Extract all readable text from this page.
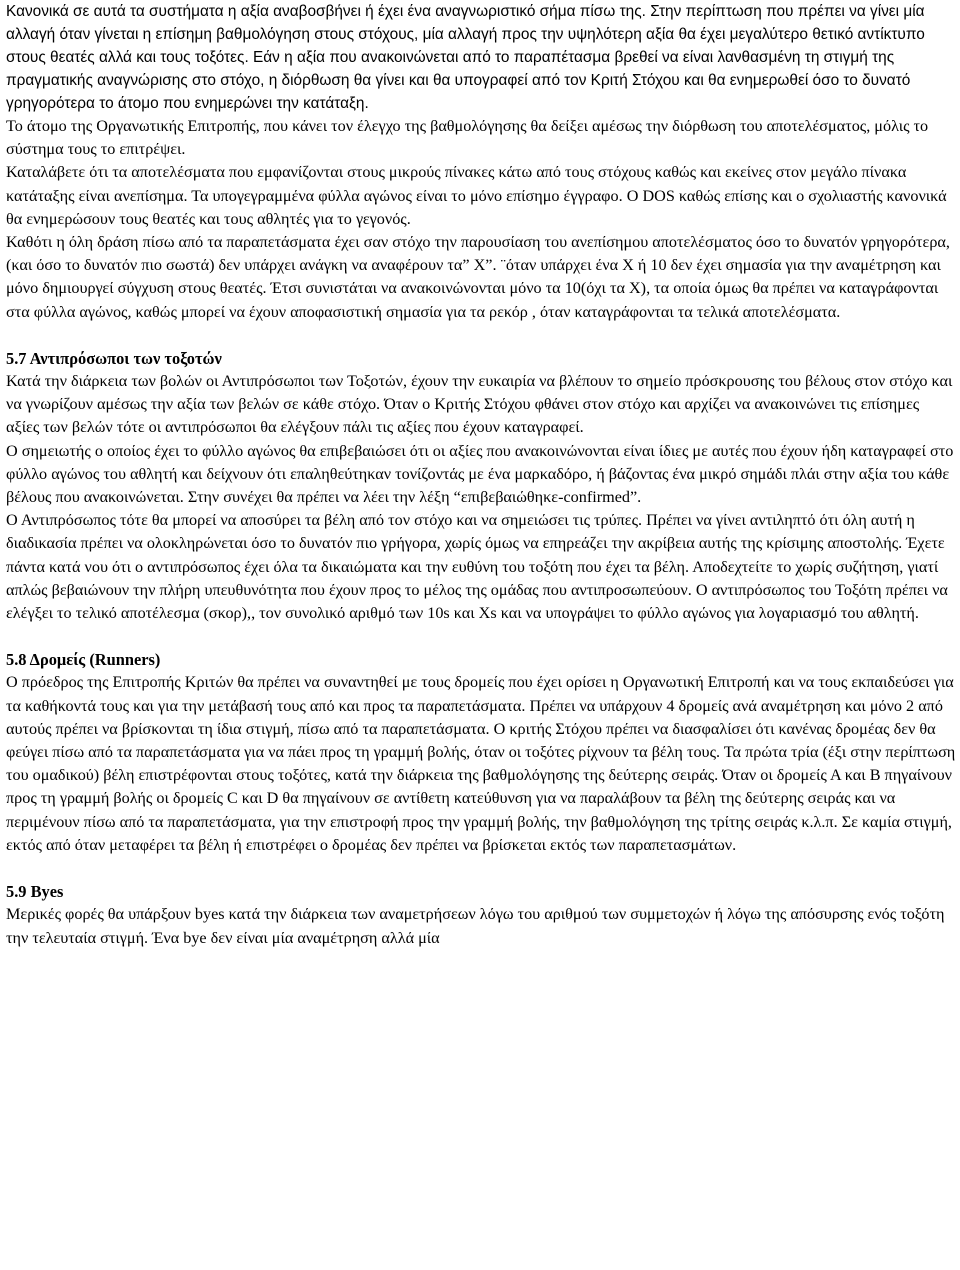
Κανονικά σε αυτά τα συστήματα η αξία αναβοσβήνει ή έχει ένα αναγνωριστικό σήμα πίσω της. Στην περίπτωση που πρέπει να γίνει μία αλλαγή όταν γίνεται η επίσημη βαθμολόγηση στους στόχους, μία αλλαγή προς την υψηλότερη αξία θα έχει μεγαλύτερο θετικό αντίκτυπο στους θεατές αλλά και τους τοξότες. Εάν η αξία που ανακοινώνεται από το παραπέτασμα βρεθεί να είναι λανθασμένη τη στιγμή της πραγματικής αναγνώρισης στο στόχο, η διόρθωση θα γίνει και θα υπογραφεί από τον Κριτή Στόχου και θα ενημερωθεί όσο το δυνατό γρηγορότερα το άτομο που ενημερώνει την κατάταξη.

Το άτομο της Οργανωτικής Επιτροπής, που κάνει τον έλεγχο της βαθμολόγησης θα δείξει αμέσως την διόρθωση του αποτελέσματος, μόλις το σύστημα τους το επιτρέψει.

Καταλάβετε ότι τα αποτελέσματα που εμφανίζονται στους μικρούς πίνακες κάτω από τους στόχους καθώς και εκείνες στον μεγάλο πίνακα κατάταξης είναι ανεπίσημα. Τα υπογεγραμμένα φύλλα αγώνος είναι το μόνο επίσημο έγγραφο. Ο DOS καθώς επίσης και ο σχολιαστής κανονικά θα ενημερώσουν τους θεατές και τους αθλητές για το γεγονός.

Καθότι η όλη δράση πίσω από τα παραπετάσματα έχει σαν στόχο την παρουσίαση του ανεπίσημου αποτελέσματος όσο το δυνατόν γρηγορότερα, (και όσο το δυνατόν πιο σωστά) δεν υπάρχει ανάγκη να αναφέρουν τα” Χ”. ¨όταν υπάρχει ένα Χ ή 10 δεν έχει σημασία για την αναμέτρηση και μόνο δημιουργεί σύγχυση στους θεατές. Έτσι συνιστάται να ανακοινώνονται μόνο τα 10(όχι τα Χ), τα οποία όμως θα πρέπει να καταγράφονται στα φύλλα αγώνος, καθώς μπορεί να έχουν αποφασιστική σημασία για τα ρεκόρ , όταν καταγράφονται τα τελικά αποτελέσματα.

5.7 Αντιπρόσωποι των τοξοτών

Κατά την διάρκεια των βολών οι Αντιπρόσωποι των Τοξοτών, έχουν την ευκαιρία να βλέπουν το σημείο πρόσκρουσης του βέλους στον στόχο και να γνωρίζουν αμέσως την αξία των βελών σε κάθε στόχο. Όταν ο Κριτής Στόχου φθάνει στον στόχο και αρχίζει να ανακοινώνει τις επίσημες αξίες των βελών τότε οι αντιπρόσωποι θα ελέγξουν πάλι τις αξίες που έχουν καταγραφεί.

Ο σημειωτής ο οποίος έχει το φύλλο αγώνος θα επιβεβαιώσει ότι οι αξίες που ανακοινώνονται είναι ίδιες με αυτές που έχουν ήδη καταγραφεί στο φύλλο αγώνος του αθλητή και δείχνουν ότι επαληθεύτηκαν τονίζοντάς με ένα μαρκαδόρο, ή βάζοντας ένα μικρό σημάδι πλάι στην αξία του κάθε βέλους που ανακοινώνεται. Στην συνέχει θα πρέπει να λέει την λέξη “επιβεβαιώθηκε-confirmed”.

Ο Αντιπρόσωπος τότε θα μπορεί να αποσύρει τα βέλη από τον στόχο και να σημειώσει τις τρύπες. Πρέπει να γίνει αντιληπτό ότι όλη αυτή η διαδικασία πρέπει να ολοκληρώνεται όσο το δυνατόν πιο γρήγορα, χωρίς όμως να επηρεάζει την ακρίβεια αυτής της κρίσιμης αποστολής. Έχετε πάντα κατά νου ότι ο αντιπρόσωπος έχει όλα τα δικαιώματα και την ευθύνη του τοξότη που έχει τα βέλη. Αποδεχτείτε το χωρίς συζήτηση, γιατί απλώς βεβαιώνουν την πλήρη υπευθυνότητα που έχουν προς το μέλος της ομάδας που αντιπροσωπεύουν. Ο αντιπρόσωπος του Τοξότη πρέπει να ελέγξει το τελικό αποτέλεσμα (σκορ),, τον συνολικό αριθμό των 10s και Xs και να υπογράψει το φύλλο αγώνος για λογαριασμό του αθλητή.

5.8 Δρομείς (Runners)

Ο πρόεδρος της Επιτροπής Κριτών θα πρέπει να συναντηθεί με τους δρομείς που έχει ορίσει η Οργανωτική Επιτροπή και να τους εκπαιδεύσει για τα καθήκοντά τους και για την μετάβασή τους από και προς τα παραπετάσματα. Πρέπει να υπάρχουν 4 δρομείς ανά αναμέτρηση και μόνο 2 από αυτούς πρέπει να βρίσκονται τη ίδια στιγμή, πίσω από τα παραπετάσματα. Ο κριτής Στόχου πρέπει να διασφαλίσει ότι κανένας δρομέας δεν θα φεύγει πίσω από τα παραπετάσματα για να πάει προς τη γραμμή βολής, όταν οι τοξότες ρίχνουν τα βέλη τους. Τα πρώτα τρία (έξι στην περίπτωση του ομαδικού) βέλη επιστρέφονται στους τοξότες, κατά την διάρκεια της βαθμολόγησης της δεύτερης σειράς. Όταν οι δρομείς Α και Β πηγαίνουν προς τη γραμμή βολής οι δρομείς C και D θα πηγαίνουν σε αντίθετη κατεύθυνση για να παραλάβουν τα βέλη της δεύτερης σειράς και να περιμένουν πίσω από τα παραπετάσματα, για την επιστροφή προς την γραμμή βολής, την βαθμολόγηση της τρίτης σειράς κ.λ.π. Σε καμία στιγμή, εκτός από όταν μεταφέρει τα βέλη ή επιστρέφει ο δρομέας δεν πρέπει να βρίσκεται εκτός των παραπετασμάτων.

5.9 Byes

Μερικές φορές θα υπάρξουν byes κατά την διάρκεια των αναμετρήσεων λόγω του αριθμού των συμμετοχών ή λόγω της απόσυρσης ενός τοξότη την τελευταία στιγμή. Ένα bye δεν είναι μία αναμέτρηση αλλά μία
